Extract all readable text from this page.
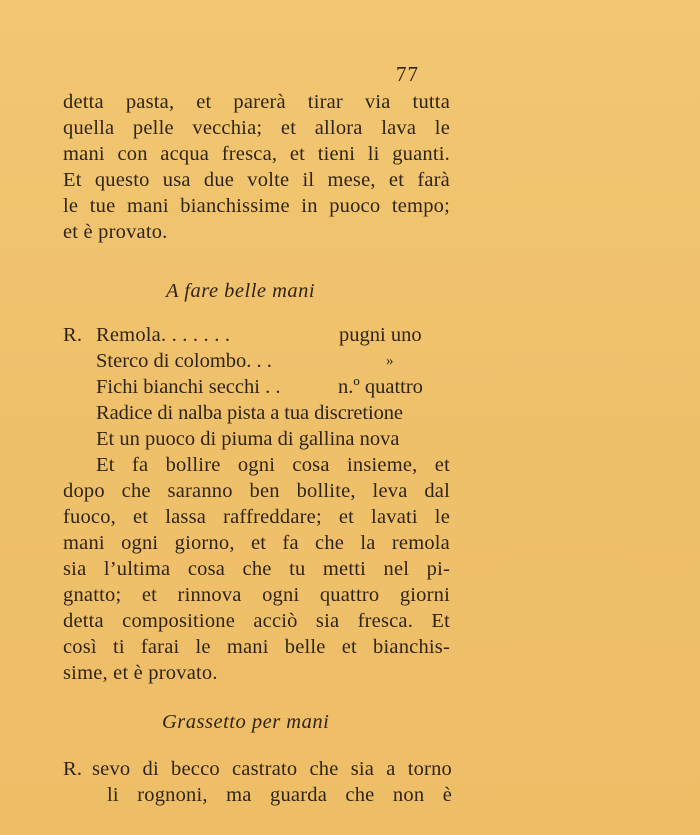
77
detta pasta, et parerà tirar via tutta
quella pelle vecchia; et allora lava le
mani con acqua fresca, et tieni li guanti.
Et questo usa due volte il mese, et farà
le tue mani bianchissime in puoco tempo;
et è provato.
A fare belle mani
R. Remola. . . . . . .	pugni uno
Sterco di colombo. . .	»
Fichi bianchi secchi . .	n.º quattro
Radice di nalba pista a tua discretione
Et un puoco di piuma di gallina nova
Et fa bollire ogni cosa insieme, et
dopo che saranno ben bollite, leva dal
fuoco, et lassa raffreddare; et lavati le
mani ogni giorno, et fa che la remola
sia l’ultima cosa che tu metti nel pi-
gnatto; et rinnova ogni quattro giorni
detta compositione acciò sia fresca. Et
così ti farai le mani belle et bianchis-
sime, et è provato.
Grassetto per mani
R. sevo di becco castrato che sia a torno
li rognoni, ma guarda che non è
